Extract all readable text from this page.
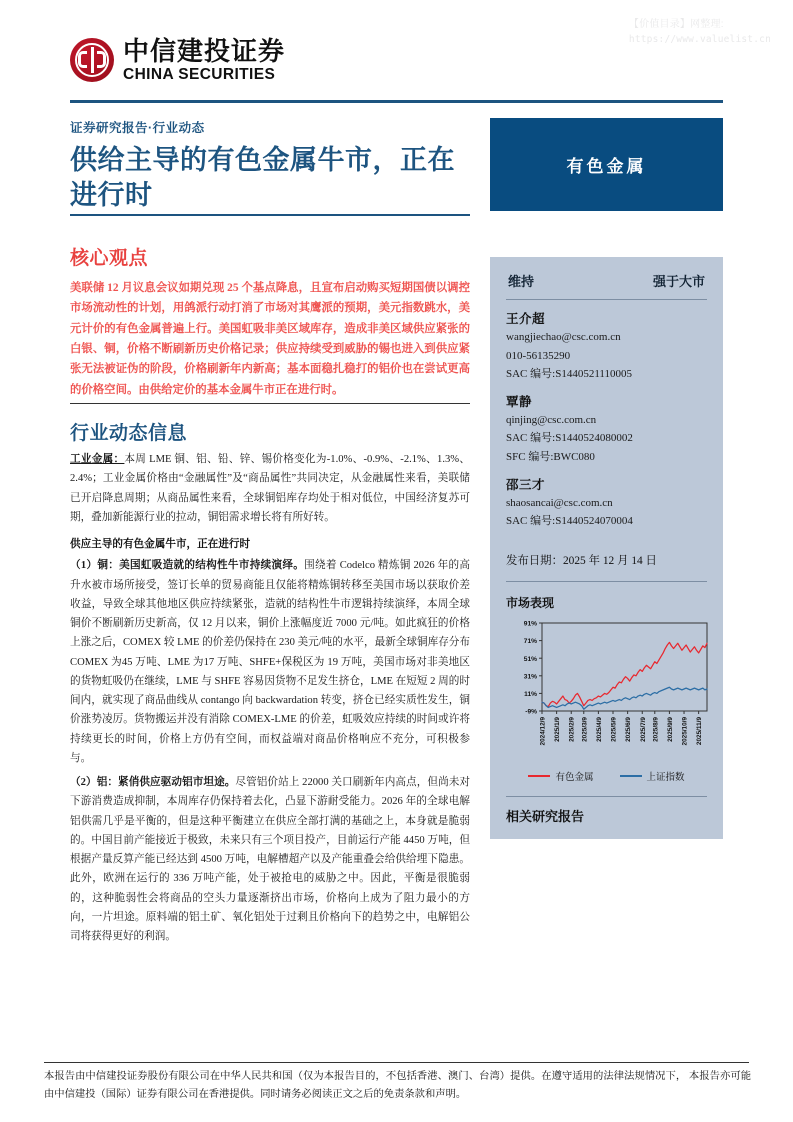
【价值目录】网整理:
https://www.valuelist.cn
中信建投证券
CHINA SECURITIES
证券研究报告·行业动态
供给主导的有色金属牛市，正在进行时
核心观点
美联储 12 月议息会议如期兑现 25 个基点降息，且宣布启动购买短期国债以调控市场流动性的计划，用鸽派行动打消了市场对其鹰派的预期，美元指数跳水，美元计价的有色金属普遍上行。美国虹吸非美区域库存，造成非美区域供应紧张的白银、铜，价格不断刷新历史价格记录；供应持续受到威胁的锡也进入到供应紧张无法被证伪的阶段，价格刷新年内新高；基本面稳扎稳打的铝价也在尝试更高的价格空间。由供给定价的基本金属牛市正在进行时。
行业动态信息
工业金属：本周 LME 铜、铝、铅、锌、锡价格变化为-1.0%、-0.9%、-2.1%、1.3%、2.4%；工业金属价格由“金融属性”及“商品属性”共同决定，从金融属性来看，美联储已开启降息周期；从商品属性来看，全球铜铝库存均处于相对低位，中国经济复苏可期，叠加新能源行业的拉动，铜铝需求增长将有所好转。
供应主导的有色金属牛市，正在进行时
（1）铜：美国虹吸造就的结构性牛市持续演绎。围绕着 Codelco 精炼铜 2026 年的高升水被市场所接受，签订长单的贸易商能且仅能将精炼铜转移至美国市场以获取价差收益，导致全球其他地区供应持续紧张，造就的结构性牛市逻辑持续演绎，本周全球铜价不断刷新历史新高，仅 12 月以来，铜价上涨幅度近 7000 元/吨。如此疯狂的价格上涨之后，COMEX 较 LME 的价差仍保持在 230 美元/吨的水平，最新全球铜库存分布 COMEX 为45 万吨、LME 为17 万吨、SHFE+保税区为 19 万吨，美国市场对非美地区的货物虹吸仍在继续，LME 与 SHFE 容易因货物不足发生挤仓，LME 在短短 2 周的时间内，就实现了商品曲线从 contango 向 backwardation 转变，挤仓已经实质性发生，铜价涨势凌厉。货物搬运并没有消除 COMEX-LME 的价差，虹吸效应持续的时间或许将持续更长的时间，价格上方仍有空间，而权益端对商品价格响应不充分，可积极参与。
（2）铝：紧俏供应驱动铝市坦途。尽管铝价站上 22000 关口刷新年内高点，但尚未对下游消费造成抑制，本周库存仍保持着去化，凸显下游耐受能力。2026 年的全球电解铝供需几乎是平衡的，但是这种平衡建立在供应全部打满的基础之上，本身就是脆弱的。中国目前产能接近于极致，未来只有三个项目投产，目前运行产能 4450 万吨，但根据产量反算产能已经达到 4500 万吨，电解槽超产以及产能重叠会给供给埋下隐患。此外，欧洲在运行的 336 万吨产能，处于被抢电的威胁之中。因此，平衡是很脆弱的，这种脆弱性会将商品的空头力量逐渐挤出市场，价格向上成为了阻力最小的方向，一片坦途。原料端的铝土矿、氧化铝处于过剩且价格向下的趋势之中，电解铝公司将获得更好的利润。
有色金属
维持	强于大市
王介超
wangjiechao@csc.com.cn
010-56135290
SAC 编号:S1440521110005
覃静
qinjing@csc.com.cn
SAC 编号:S1440524080002
SFC 编号:BWC080
邵三才
shaosancai@csc.com.cn
SAC 编号:S1440524070004
发布日期：2025 年 12 月 14 日
市场表现
-9%
11%
31%
51%
71%
91%
2024/12/9 2025/1/9 2025/2/9 2025/3/9 2025/4/9 2025/5/9 2025/6/9 2025/7/9 2025/8/9 2025/9/9 2025/10/9 2025/11/9
有色金属	上证指数
相关研究报告
本报告由中信建投证券股份有限公司在中华人民共和国（仅为本报告目的，不包括香港、澳门、台湾）提供。在遵守适用的法律法规情况下， 本报告亦可能由中信建投（国际）证券有限公司在香港提供。同时请务必阅读正文之后的免责条款和声明。
